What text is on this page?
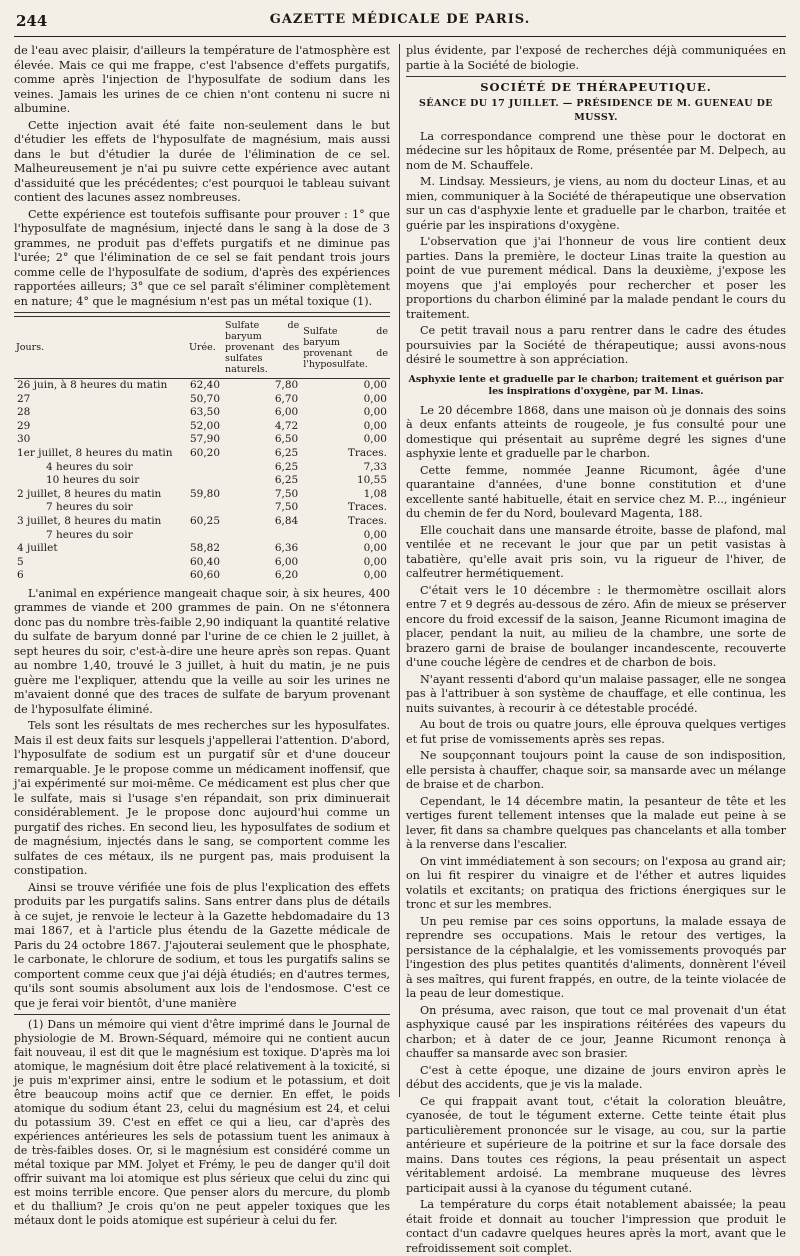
244	GAZETTE MÉDICALE DE PARIS.

de l'eau avec plaisir, d'ailleurs la température de l'atmosphère est élevée. Mais ce qui me frappe, c'est l'absence d'effets purgatifs, comme après l'injection de l'hyposulfate de sodium dans les veines. Jamais les urines de ce chien n'ont contenu ni sucre ni albumine.

Cette injection avait été faite non-seulement dans le but d'étudier les effets de l'hyposulfate de magnésium, mais aussi dans le but d'étudier la durée de l'élimination de ce sel. Malheureusement je n'ai pu suivre cette expérience avec autant d'assiduité que les précédentes; c'est pourquoi le tableau suivant contient des lacunes assez nombreuses.

Cette expérience est toutefois suffisante pour prouver : 1° que l'hyposulfate de magnésium, injecté dans le sang à la dose de 3 grammes, ne produit pas d'effets purgatifs et ne diminue pas l'urée; 2° que l'élimination de ce sel se fait pendant trois jours comme celle de l'hyposulfate de sodium, d'après des expériences rapportées ailleurs; 3° que ce sel paraît s'éliminer complètement en nature; 4° que le magnésium n'est pas un métal toxique (1).

Jours.	Urée.	Sulfate de baryum provenant des sulfates naturels.	Sulfate de baryum provenant de l'hyposulfate.
26 juin, à 8 heures du matin	62,40	7,80	0,00
27	50,70	6,70	0,00
28	63,50	6,00	0,00
29	52,00	4,72	0,00
30	57,90	6,50	0,00
1er juillet, 8 heures du matin	60,20	6,25	Traces.
4 heures du soir		6,25	7,33
10 heures du soir		6,25	10,55
2 juillet, 8 heures du matin	59,80	7,50	1,08
7 heures du soir		7,50	Traces.
3 juillet, 8 heures du matin	60,25	6,84	Traces.
7 heures du soir			0,00
4 juillet	58,82	6,36	0,00
5	60,40	6,00	0,00
6	60,60	6,20	0,00

L'animal en expérience mangeait chaque soir, à six heures, 400 grammes de viande et 200 grammes de pain. On ne s'étonnera donc pas du nombre très-faible 2,90 indiquant la quantité relative du sulfate de baryum donné par l'urine de ce chien le 2 juillet, à sept heures du soir, c'est-à-dire une heure après son repas. Quant au nombre 1,40, trouvé le 3 juillet, à huit du matin, je ne puis guère me l'expliquer, attendu que la veille au soir les urines ne m'avaient donné que des traces de sulfate de baryum provenant de l'hyposulfate éliminé.

Tels sont les résultats de mes recherches sur les hyposulfates. Mais il est deux faits sur lesquels j'appellerai l'attention. D'abord, l'hyposulfate de sodium est un purgatif sûr et d'une douceur remarquable. Je le propose comme un médicament inoffensif, que j'ai expérimenté sur moi-même. Ce médicament est plus cher que le sulfate, mais si l'usage s'en répandait, son prix diminuerait considérablement. Je le propose donc aujourd'hui comme un purgatif des riches. En second lieu, les hyposulfates de sodium et de magnésium, injectés dans le sang, se comportent comme les sulfates de ces métaux, ils ne purgent pas, mais produisent la constipation.

Ainsi se trouve vérifiée une fois de plus l'explication des effets produits par les purgatifs salins. Sans entrer dans plus de détails à ce sujet, je renvoie le lecteur à la Gazette hebdomadaire du 13 mai 1867, et à l'article plus étendu de la Gazette médicale de Paris du 24 octobre 1867. J'ajouterai seulement que le phosphate, le carbonate, le chlorure de sodium, et tous les purgatifs salins se comportent comme ceux que j'ai déjà étudiés; en d'autres termes, qu'ils sont soumis absolument aux lois de l'endosmose. C'est ce que je ferai voir bientôt, d'une manière

(1) Dans un mémoire qui vient d'être imprimé dans le Journal de physiologie de M. Brown-Séquard, mémoire qui ne contient aucun fait nouveau, il est dit que le magnésium est toxique. D'après ma loi atomique, le magnésium doit être placé relativement à la toxicité, si je puis m'exprimer ainsi, entre le sodium et le potassium, et doit être beaucoup moins actif que ce dernier. En effet, le poids atomique du sodium étant 23, celui du magnésium est 24, et celui du potassium 39. C'est en effet ce qui a lieu, car d'après des expériences antérieures les sels de potassium tuent les animaux à de très-faibles doses. Or, si le magnésium est considéré comme un métal toxique par MM. Jolyet et Frémy, le peu de danger qu'il doit offrir suivant ma loi atomique est plus sérieux que celui du zinc qui est moins terrible encore. Que penser alors du mercure, du plomb et du thallium? Je crois qu'on ne peut appeler toxiques que les métaux dont le poids atomique est supérieur à celui du fer.

plus évidente, par l'exposé de recherches déjà communiquées en partie à la Société de biologie.

SOCIÉTÉ DE THÉRAPEUTIQUE.
SÉANCE DU 17 JUILLET. — PRÉSIDENCE DE M. GUENEAU DE MUSSY.

La correspondance comprend une thèse pour le doctorat en médecine sur les hôpitaux de Rome, présentée par M. Delpech, au nom de M. Schauffele.

M. Lindsay. Messieurs, je viens, au nom du docteur Linas, et au mien, communiquer à la Société de thérapeutique une observation sur un cas d'asphyxie lente et graduelle par le charbon, traitée et guérie par les inspirations d'oxygène.

L'observation que j'ai l'honneur de vous lire contient deux parties. Dans la première, le docteur Linas traite la question au point de vue purement médical. Dans la deuxième, j'expose les moyens que j'ai employés pour rechercher et poser les proportions du charbon éliminé par la malade pendant le cours du traitement.

Ce petit travail nous a paru rentrer dans le cadre des études poursuivies par la Société de thérapeutique; aussi avons-nous désiré le soumettre à son appréciation.

Asphyxie lente et graduelle par le charbon; traitement et guérison par les inspirations d'oxygène, par M. Linas.

Le 20 décembre 1868, dans une maison où je donnais des soins à deux enfants atteints de rougeole, je fus consulté pour une domestique qui présentait au suprême degré les signes d'une asphyxie lente et graduelle par le charbon.

Cette femme, nommée Jeanne Ricumont, âgée d'une quarantaine d'années, d'une bonne constitution et d'une excellente santé habituelle, était en service chez M. P..., ingénieur du chemin de fer du Nord, boulevard Magenta, 188.

Elle couchait dans une mansarde étroite, basse de plafond, mal ventilée et ne recevant le jour que par un petit vasistas à tabatière, qu'elle avait pris soin, vu la rigueur de l'hiver, de calfeutrer hermétiquement.

C'était vers le 10 décembre : le thermomètre oscillait alors entre 7 et 9 degrés au-dessous de zéro. Afin de mieux se préserver encore du froid excessif de la saison, Jeanne Ricumont imagina de placer, pendant la nuit, au milieu de la chambre, une sorte de brazero garni de braise de boulanger incandescente, recouverte d'une couche légère de cendres et de charbon de bois.

N'ayant ressenti d'abord qu'un malaise passager, elle ne songea pas à l'attribuer à son système de chauffage, et elle continua, les nuits suivantes, à recourir à ce détestable procédé.

Au bout de trois ou quatre jours, elle éprouva quelques vertiges et fut prise de vomissements après ses repas.

Ne soupçonnant toujours point la cause de son indisposition, elle persista à chauffer, chaque soir, sa mansarde avec un mélange de braise et de charbon.

Cependant, le 14 décembre matin, la pesanteur de tête et les vertiges furent tellement intenses que la malade eut peine à se lever, fit dans sa chambre quelques pas chancelants et alla tomber à la renverse dans l'escalier.

On vint immédiatement à son secours; on l'exposa au grand air; on lui fit respirer du vinaigre et de l'éther et autres liquides volatils et excitants; on pratiqua des frictions énergiques sur le tronc et sur les membres.

Un peu remise par ces soins opportuns, la malade essaya de reprendre ses occupations. Mais le retour des vertiges, la persistance de la céphalalgie, et les vomissements provoqués par l'ingestion des plus petites quantités d'aliments, donnèrent l'éveil à ses maîtres, qui furent frappés, en outre, de la teinte violacée de la peau de leur domestique.

On présuma, avec raison, que tout ce mal provenait d'un état asphyxique causé par les inspirations réitérées des vapeurs du charbon; et à dater de ce jour, Jeanne Ricumont renonça à chauffer sa mansarde avec son brasier.

C'est à cette époque, une dizaine de jours environ après le début des accidents, que je vis la malade.

Ce qui frappait avant tout, c'était la coloration bleuâtre, cyanosée, de tout le tégument externe. Cette teinte était plus particulièrement prononcée sur le visage, au cou, sur la partie antérieure et supérieure de la poitrine et sur la face dorsale des mains. Dans toutes ces régions, la peau présentait un aspect véritablement ardoisé. La membrane muqueuse des lèvres participait aussi à la cyanose du tégument cutané.

La température du corps était notablement abaissée; la peau était froide et donnait au toucher l'impression que produit le contact d'un cadavre quelques heures après la mort, avant que le refroidissement soit complet.
